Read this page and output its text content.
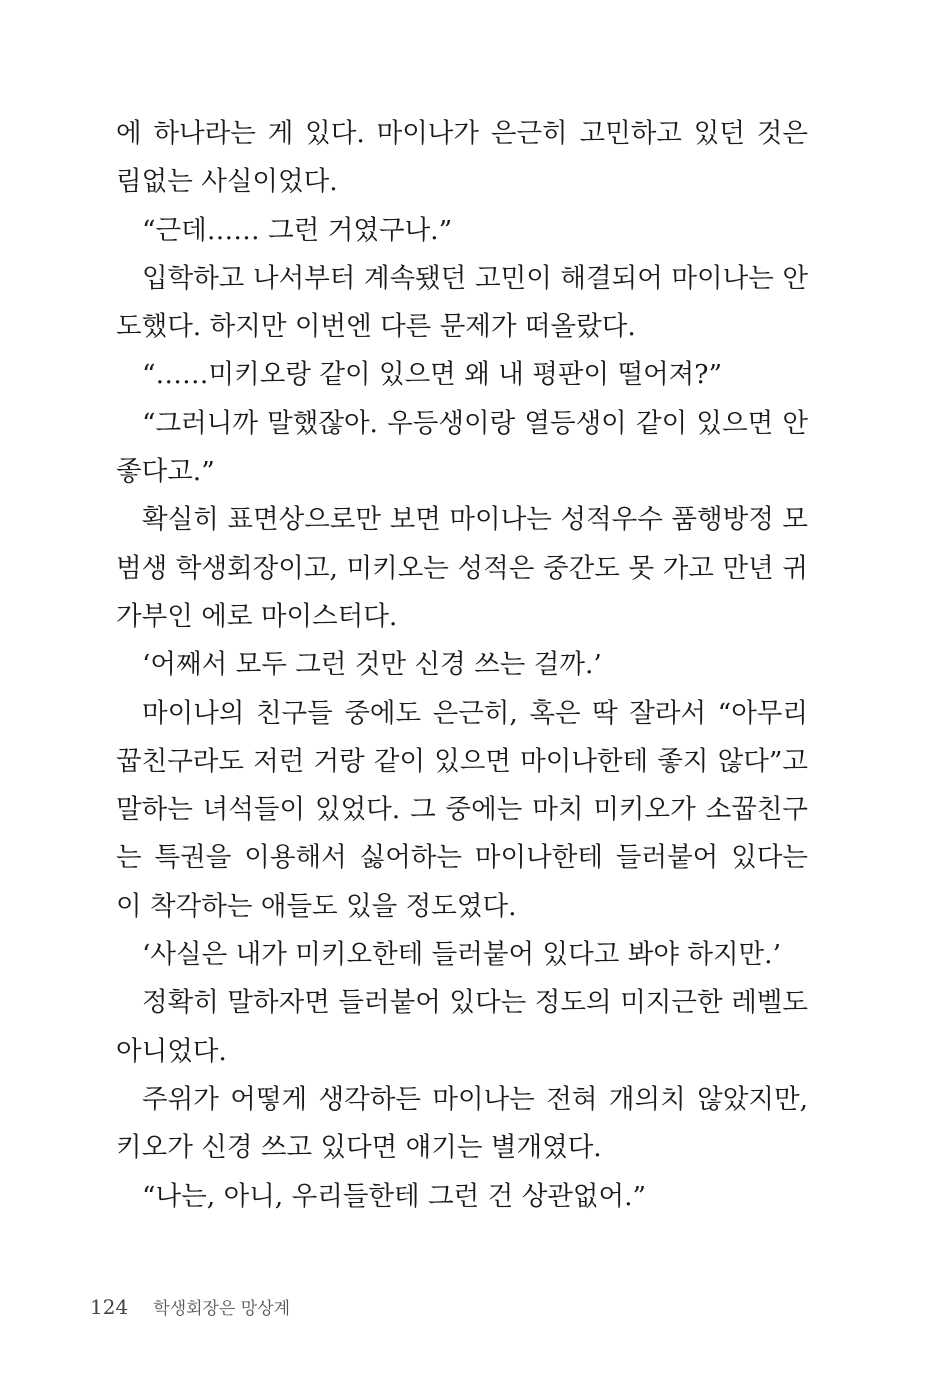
에 하나라는 게 있다. 마이나가 은근히 고민하고 있던 것은
림없는 사실이었다.
“근데…… 그런 거였구나.”
입학하고 나서부터 계속됐던 고민이 해결되어 마이나는 안
도했다. 하지만 이번엔 다른 문제가 떠올랐다.
“……미키오랑 같이 있으면 왜 내 평판이 떨어져?”
“그러니까 말했잖아. 우등생이랑 열등생이 같이 있으면 안
좋다고.”
확실히 표면상으로만 보면 마이나는 성적우수 품행방정 모
범생 학생회장이고, 미키오는 성적은 중간도 못 가고 만년 귀
가부인 에로 마이스터다.
‘어째서 모두 그런 것만 신경 쓰는 걸까.’
마이나의 친구들 중에도 은근히, 혹은 딱 잘라서 “아무리
꿉친구라도 저런 거랑 같이 있으면 마이나한테 좋지 않다”고
말하는 녀석들이 있었다. 그 중에는 마치 미키오가 소꿉친구
는 특권을 이용해서 싫어하는 마이나한테 들러붙어 있다는
이 착각하는 애들도 있을 정도였다.
‘사실은 내가 미키오한테 들러붙어 있다고 봐야 하지만.’
정확히 말하자면 들러붙어 있다는 정도의 미지근한 레벨도
아니었다.
주위가 어떻게 생각하든 마이나는 전혀 개의치 않았지만,
키오가 신경 쓰고 있다면 얘기는 별개였다.
“나는, 아니, 우리들한테 그런 건 상관없어.”
124 학생회장은 망상계
